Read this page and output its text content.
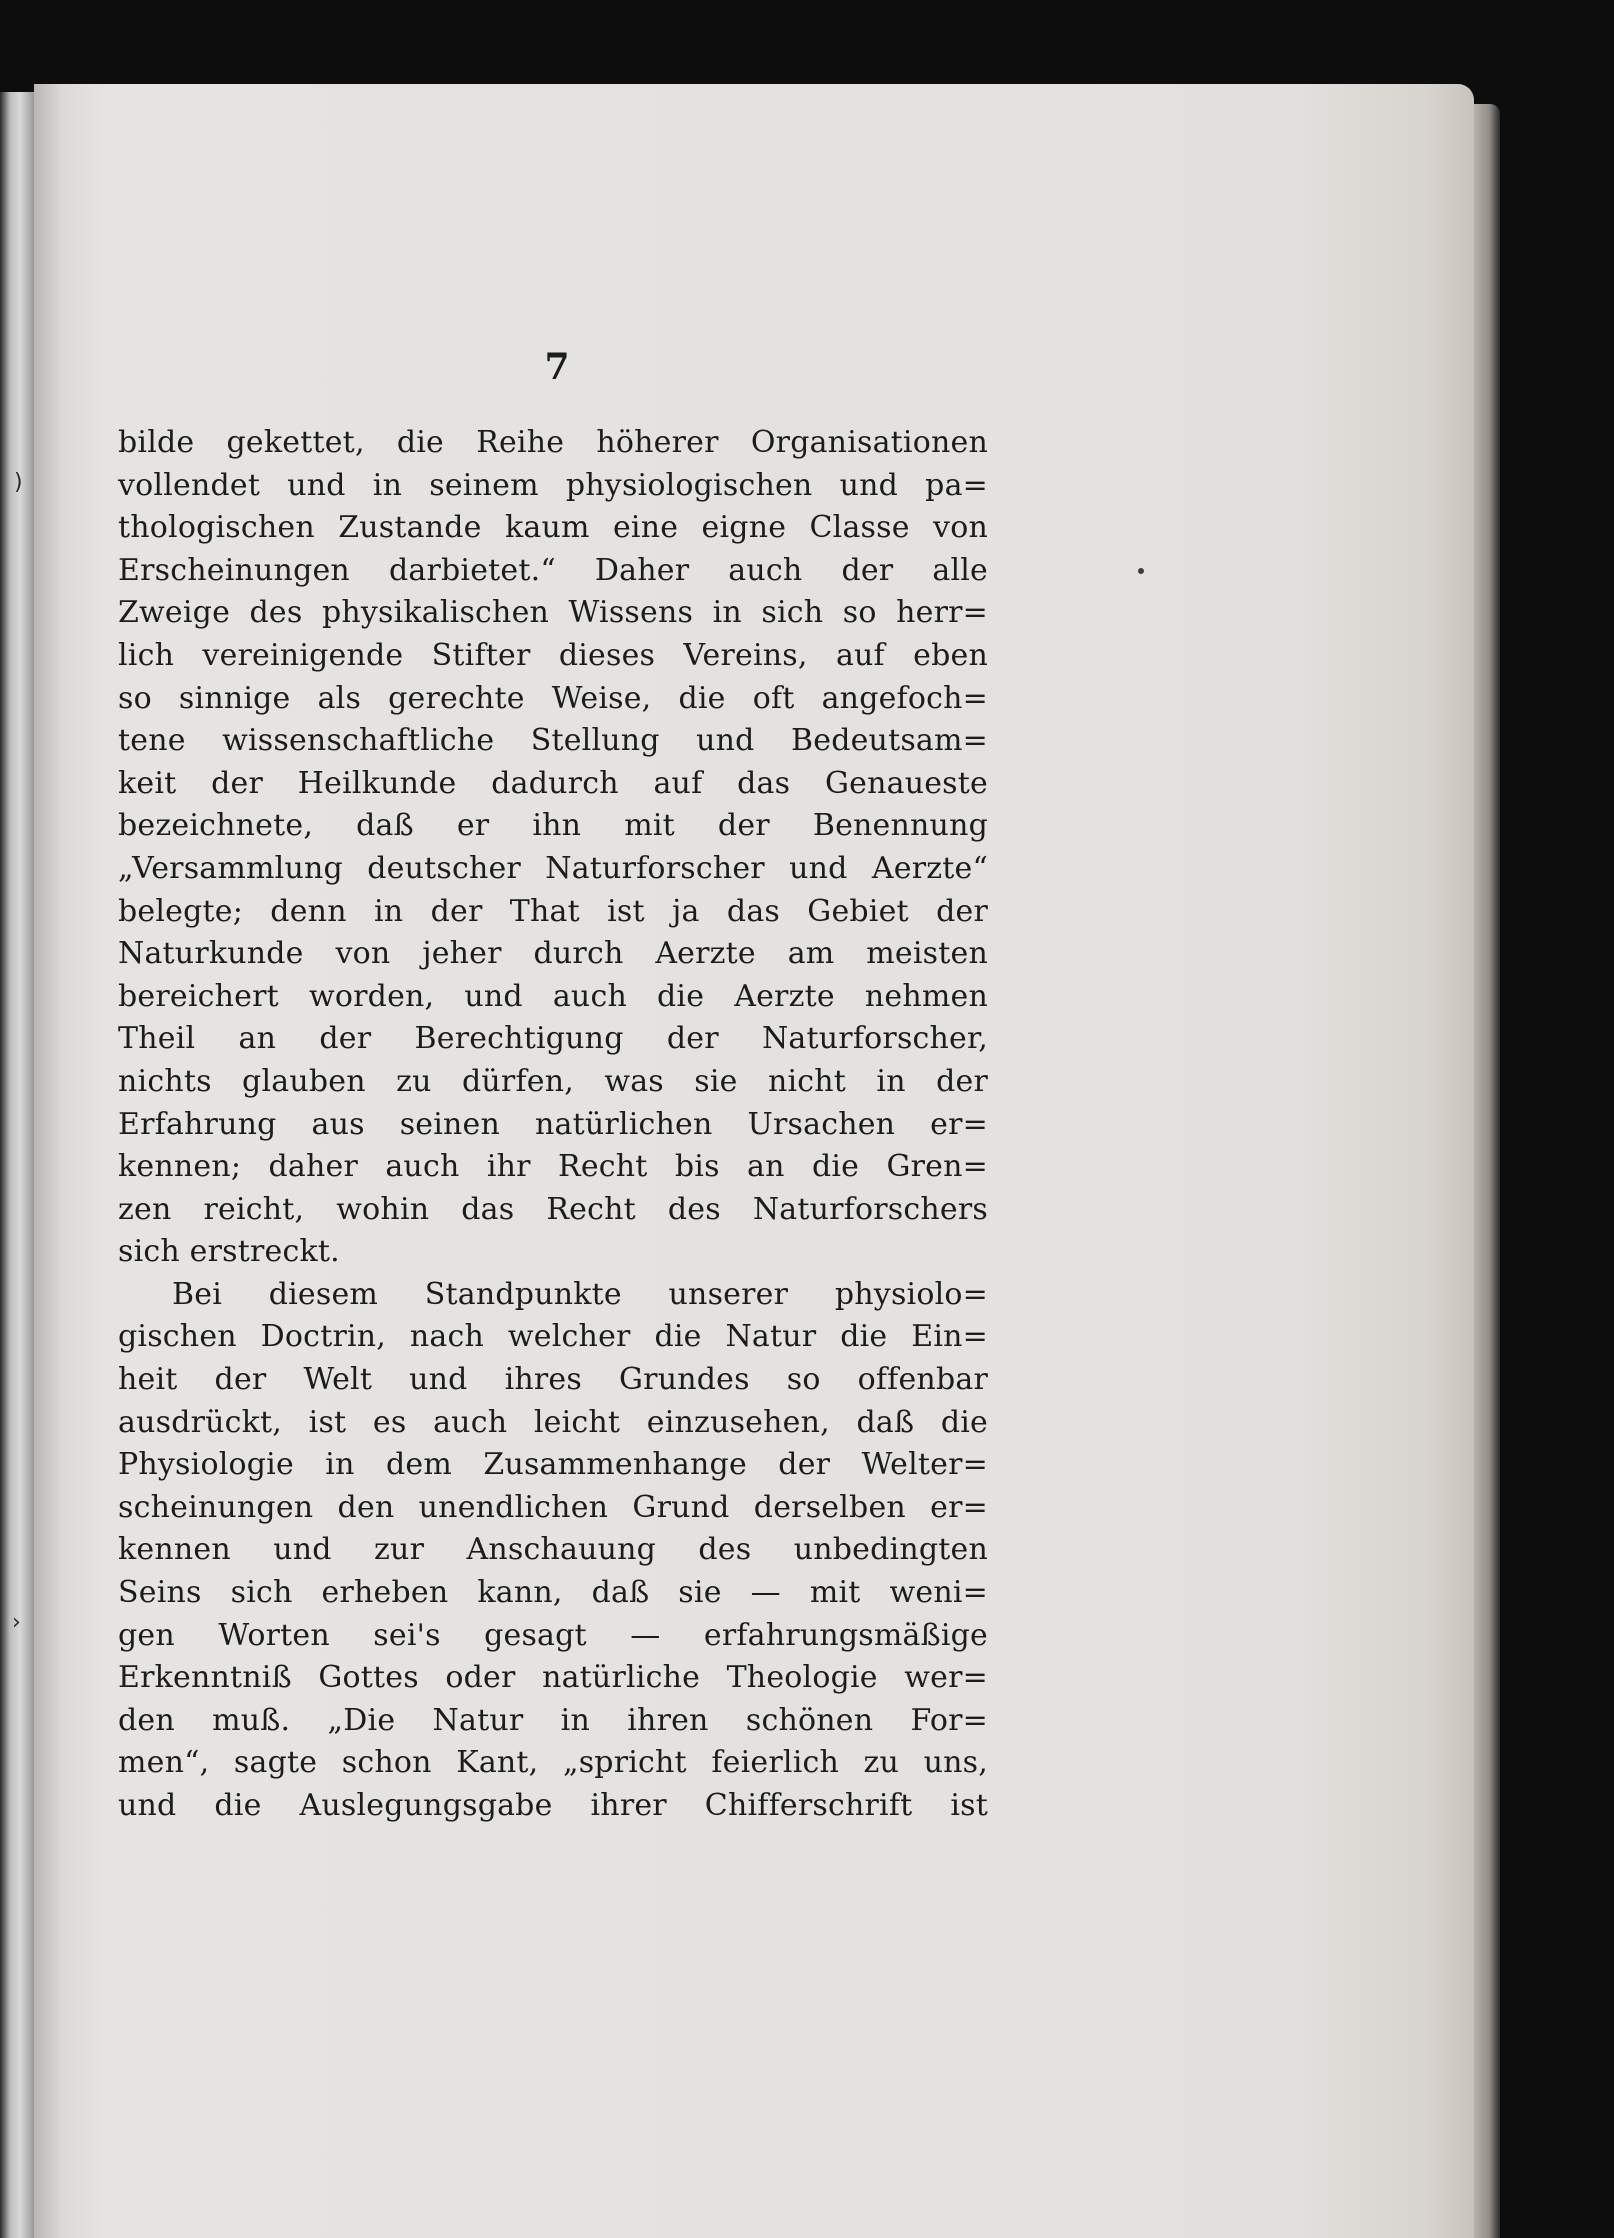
)
›
7
bilde gekettet, die Reihe höherer Organisationen
vollendet und in seinem physiologischen und pa=
thologischen Zustande kaum eine eigne Classe von
Erscheinungen darbietet.“ Daher auch der alle
Zweige des physikalischen Wissens in sich so herr=
lich vereinigende Stifter dieses Vereins, auf eben
so sinnige als gerechte Weise, die oft angefoch=
tene wissenschaftliche Stellung und Bedeutsam=
keit der Heilkunde dadurch auf das Genaueste
bezeichnete, daß er ihn mit der Benennung
„Versammlung deutscher Naturforscher und Aerzte“
belegte; denn in der That ist ja das Gebiet der
Naturkunde von jeher durch Aerzte am meisten
bereichert worden, und auch die Aerzte nehmen
Theil an der Berechtigung der Naturforscher,
nichts glauben zu dürfen, was sie nicht in der
Erfahrung aus seinen natürlichen Ursachen er=
kennen; daher auch ihr Recht bis an die Gren=
zen reicht, wohin das Recht des Naturforschers
sich erstreckt.
Bei diesem Standpunkte unserer physiolo=
gischen Doctrin, nach welcher die Natur die Ein=
heit der Welt und ihres Grundes so offenbar
ausdrückt, ist es auch leicht einzusehen, daß die
Physiologie in dem Zusammenhange der Welter=
scheinungen den unendlichen Grund derselben er=
kennen und zur Anschauung des unbedingten
Seins sich erheben kann, daß sie — mit weni=
gen Worten sei's gesagt — erfahrungsmäßige
Erkenntniß Gottes oder natürliche Theologie wer=
den muß. „Die Natur in ihren schönen For=
men“, sagte schon Kant, „spricht feierlich zu uns,
und die Auslegungsgabe ihrer Chifferschrift ist
